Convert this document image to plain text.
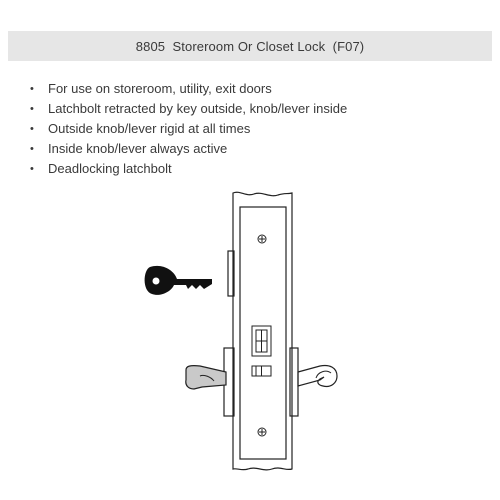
8805  Storeroom Or Closet Lock  (F07)
•	For use on storeroom, utility, exit doors
•	Latchbolt retracted by key outside, knob/lever inside
•	Outside knob/lever rigid at all times
•	Inside knob/lever always active
•	Deadlocking latchbolt
